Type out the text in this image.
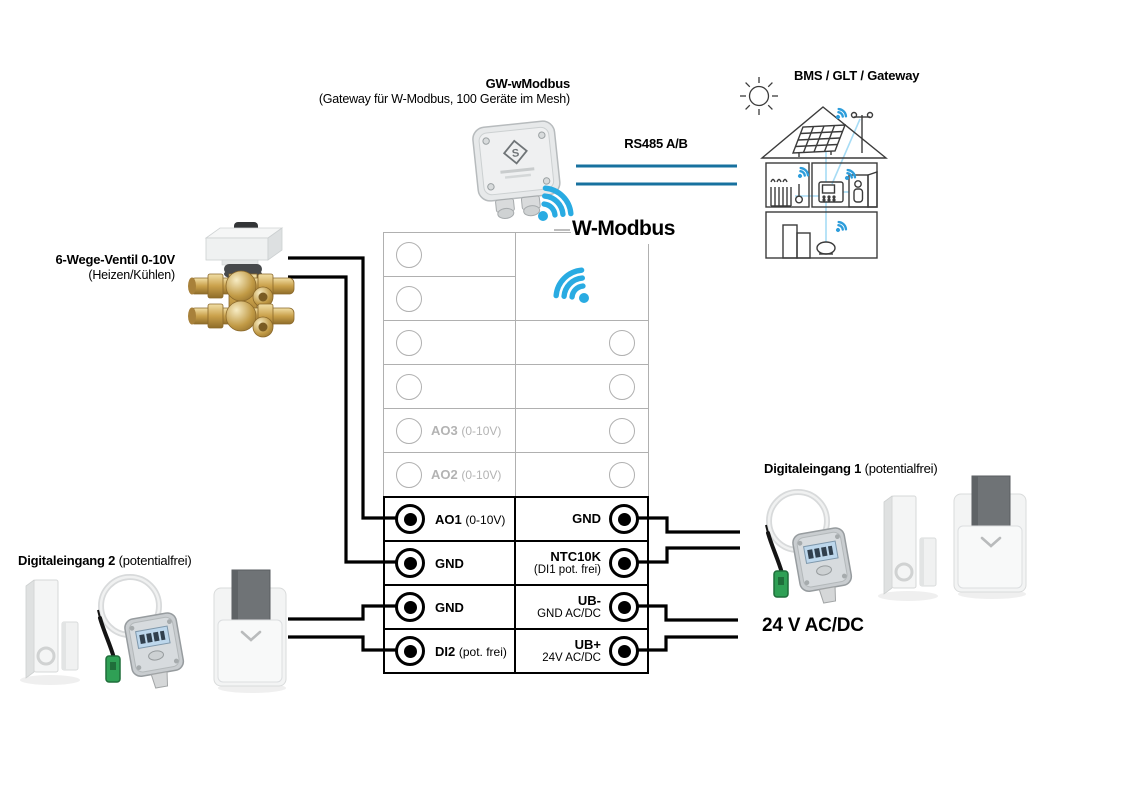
GW-wModbus
(Gateway für W-Modbus, 100 Geräte im Mesh)
S
RS485 A/B
BMS / GLT / Gateway
W-Modbus
AO3 (0-10V)
AO2 (0-10V)
AO1 (0-10V)
GND
GND
DI2 (pot. frei)
GND
NTC10K
(DI1 pot. frei)
UB-
GND AC/DC
UB+
24V AC/DC
6-Wege-Ventil 0-10V
(Heizen/Kühlen)
Digitaleingang 2 (potentialfrei)
Digitaleingang 1 (potentialfrei)
24 V AC/DC
